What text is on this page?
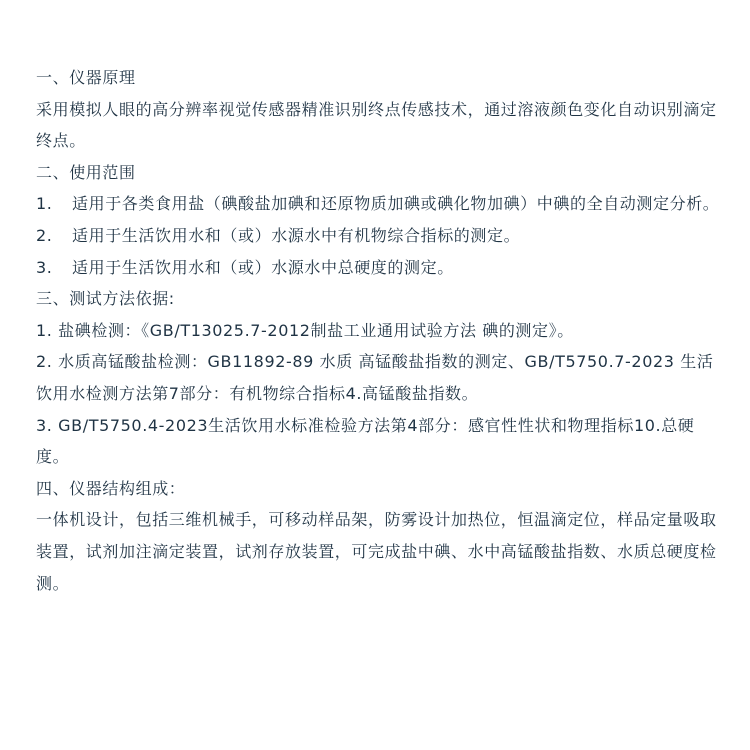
一、仪器原理
采用模拟人眼的高分辨率视觉传感器精准识别终点传感技术，通过溶液颜色变化自动识别滴定终点。
二、使用范围
1. 适用于各类食用盐（碘酸盐加碘和还原物质加碘或碘化物加碘）中碘的全自动测定分析。
2. 适用于生活饮用水和（或）水源水中有机物综合指标的测定。
3. 适用于生活饮用水和（或）水源水中总硬度的测定。
三、测试方法依据:
1. 盐碘检测：《GB/T13025.7-2012制盐工业通用试验方法 碘的测定》。
2. 水质高锰酸盐检测：GB11892-89 水质 高锰酸盐指数的测定、GB/T5750.7-2023 生活饮用水检测方法第7部分：有机物综合指标4.高锰酸盐指数。
3. GB/T5750.4-2023生活饮用水标准检验方法第4部分：感官性性状和物理指标10.总硬度。
四、仪器结构组成：
一体机设计，包括三维机械手，可移动样品架，防雾设计加热位，恒温滴定位，样品定量吸取装置，试剂加注滴定装置，试剂存放装置，可完成盐中碘、水中高锰酸盐指数、水质总硬度检测。
